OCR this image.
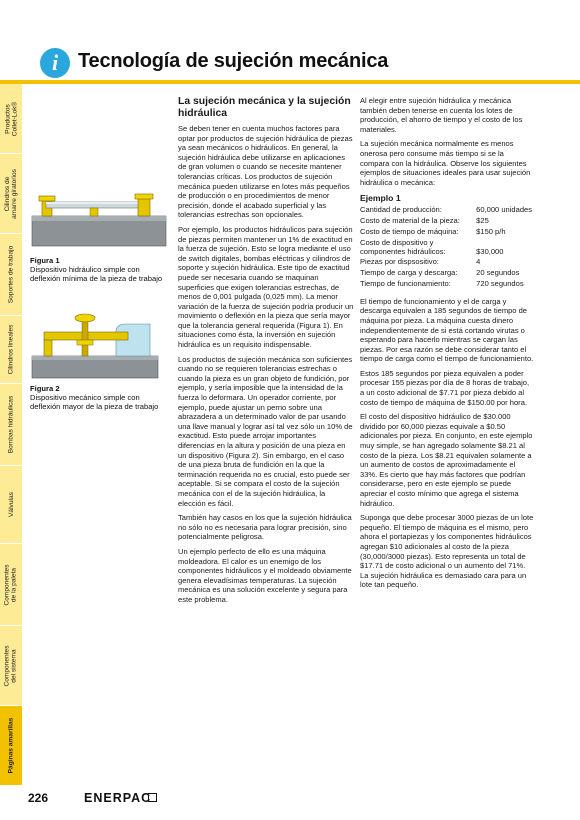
i Tecnología de sujeción mecánica
Productos
Collet-Lok®
Cilindros de
amarre giratorios
Soportes de trabajo
Cilindros lineales
Bombas hidráulicas
Válvulas
Componentes
de la paleta
Componentes
del sistema
Páginas amarillas
Figura 1
Dispositivo hidráulico simple con deflexión mínima de la pieza de trabajo
Figura 2
Dispositivo mecánico simple con deflexión mayor de la pieza de trabajo
La sujeción mecánica y la sujeción hidráulica

Se deben tener en cuenta muchos factores para optar por productos de sujeción hidráulica de piezas ya sean mecánicos o hidráulicos. En general, la sujeción hidráulica debe utilizarse en aplicaciones de gran volumen o cuando se necesite mantener tolerancias críticas. Los productos de sujeción mecánica pueden utilizarse en lotes más pequeños de producción o en procedimientos de menor precisión, donde el acabado superficial y las tolerancias estrechas son opcionales.

Por ejemplo, los productos hidráulicos para sujeción de piezas permiten mantener un 1% de exactitud en la fuerza de sujeción. Esto se logra mediante el uso de switch digitales, bombas eléctricas y cilindros de soporte y sujeción hidráulica. Este tipo de exactitud puede ser necesaria cuando se maquinan superficies que exigen tolerancias estrechas, de menos de 0,001 pulgada (0,025 mm). La menor variación de la fuerza de sujeción podría producir un movimiento o deflexión en la pieza que sería mayor que la tolerancia general requerida (Figura 1). En situaciones como ésta, la inversión en sujeción hidráulica es un requisito indispensable.

Los productos de sujeción mecánica son suficientes cuando no se requieren tolerancias estrechas o cuando la pieza es un gran objeto de fundición, por ejemplo, y sería imposible que la intensidad de la fuerza lo deformara. Un operador corriente, por ejemplo, puede ajustar un perno sobre una abrazadera a un determinado valor de par usando una llave manual y lograr así tal vez sólo un 10% de exactitud. Esto puede arrojar importantes diferencias en la altura y posición de una pieza en un dispositivo (Figura 2). Sin embargo, en el caso de una pieza bruta de fundición en la que la terminación requerida no es crucial, esto puede ser aceptable. Si se compara el costo de la sujeción mecánica con el de la sujeción hidráulica, la elección es fácil.

También hay casos en los que la sujeción hidráulica no sólo no es necesaria para lograr precisión, sino potencialmente peligrosa.

Un ejemplo perfecto de ello es una máquina moldeadora. El calor es un enemigo de los componentes hidráulicos y el moldeado obviamente genera elevadísimas temperaturas. La sujeción mecánica es una solución excelente y segura para este problema.

Al elegir entre sujeción hidráulica y mecánica también deben tenerse en cuenta los lotes de producción, el ahorro de tiempo y el costo de los materiales.

La sujeción mecánica normalmente es menos onerosa pero consume más tiempo si se la compara con la hidráulica. Observe los siguientes ejemplos de situaciones ideales para usar sujeción hidráulica o mecánica:

Ejemplo 1
Cantidad de producción:	60,000 unidades
Costo de material de la pieza:	$25
Costo de tiempo de máquina:	$150 p/h
Costo de dispositivo y componentes hidráulicos:	$30,000
Piezas por dispsositivo:	4
Tiempo de carga y descarga:	20 segundos
Tiempo de funcionamiento:	720 segundos

El tiempo de funcionamiento y el de carga y descarga equivalen a 185 segundos de tiempo de máquina por pieza. La máquina cuesta dinero independientemente de si está cortando virutas o esperando para hacerlo mientras se cargan las piezas. Por esa razón se debe considerar tanto el tiempo de carga como el tiempo de funcionamiento.

Estos 185 segundos por pieza equivalen a poder procesar 155 piezas por día de 8 horas de trabajo, a un costo adicional de $7.71 por pieza debido al costo de tiempo de máquina de $150.00 por hora.

El costo del dispositivo hidráulico de $30.000 dividido por 60,000 piezas equivale a $0.50 adicionales por pieza. En conjunto, en este ejemplo muy simple, se han agregado solamente $8.21 al costo de la pieza. Los $8.21 equivalen solamente a un aumento de costos de aproximadamente el 33%. Es cierto que hay más factores que podrían considerarse, pero en este ejemplo se puede apreciar el costo mínimo que agrega el sistema hidráulico.

Suponga que debe procesar 3000 piezas de un lote pequeño. El tiempo de máquina es el mismo, pero ahora el portapiezas y los componentes hidráulicos agregan $10 adicionales al costo de la pieza (30,000/3000 piezas). Esto representa un total de $17.71 de costo adicional o un aumento del 71%. La sujeción hidráulica es demasiado cara para un lote tan pequeño.

226	ENERPAC
